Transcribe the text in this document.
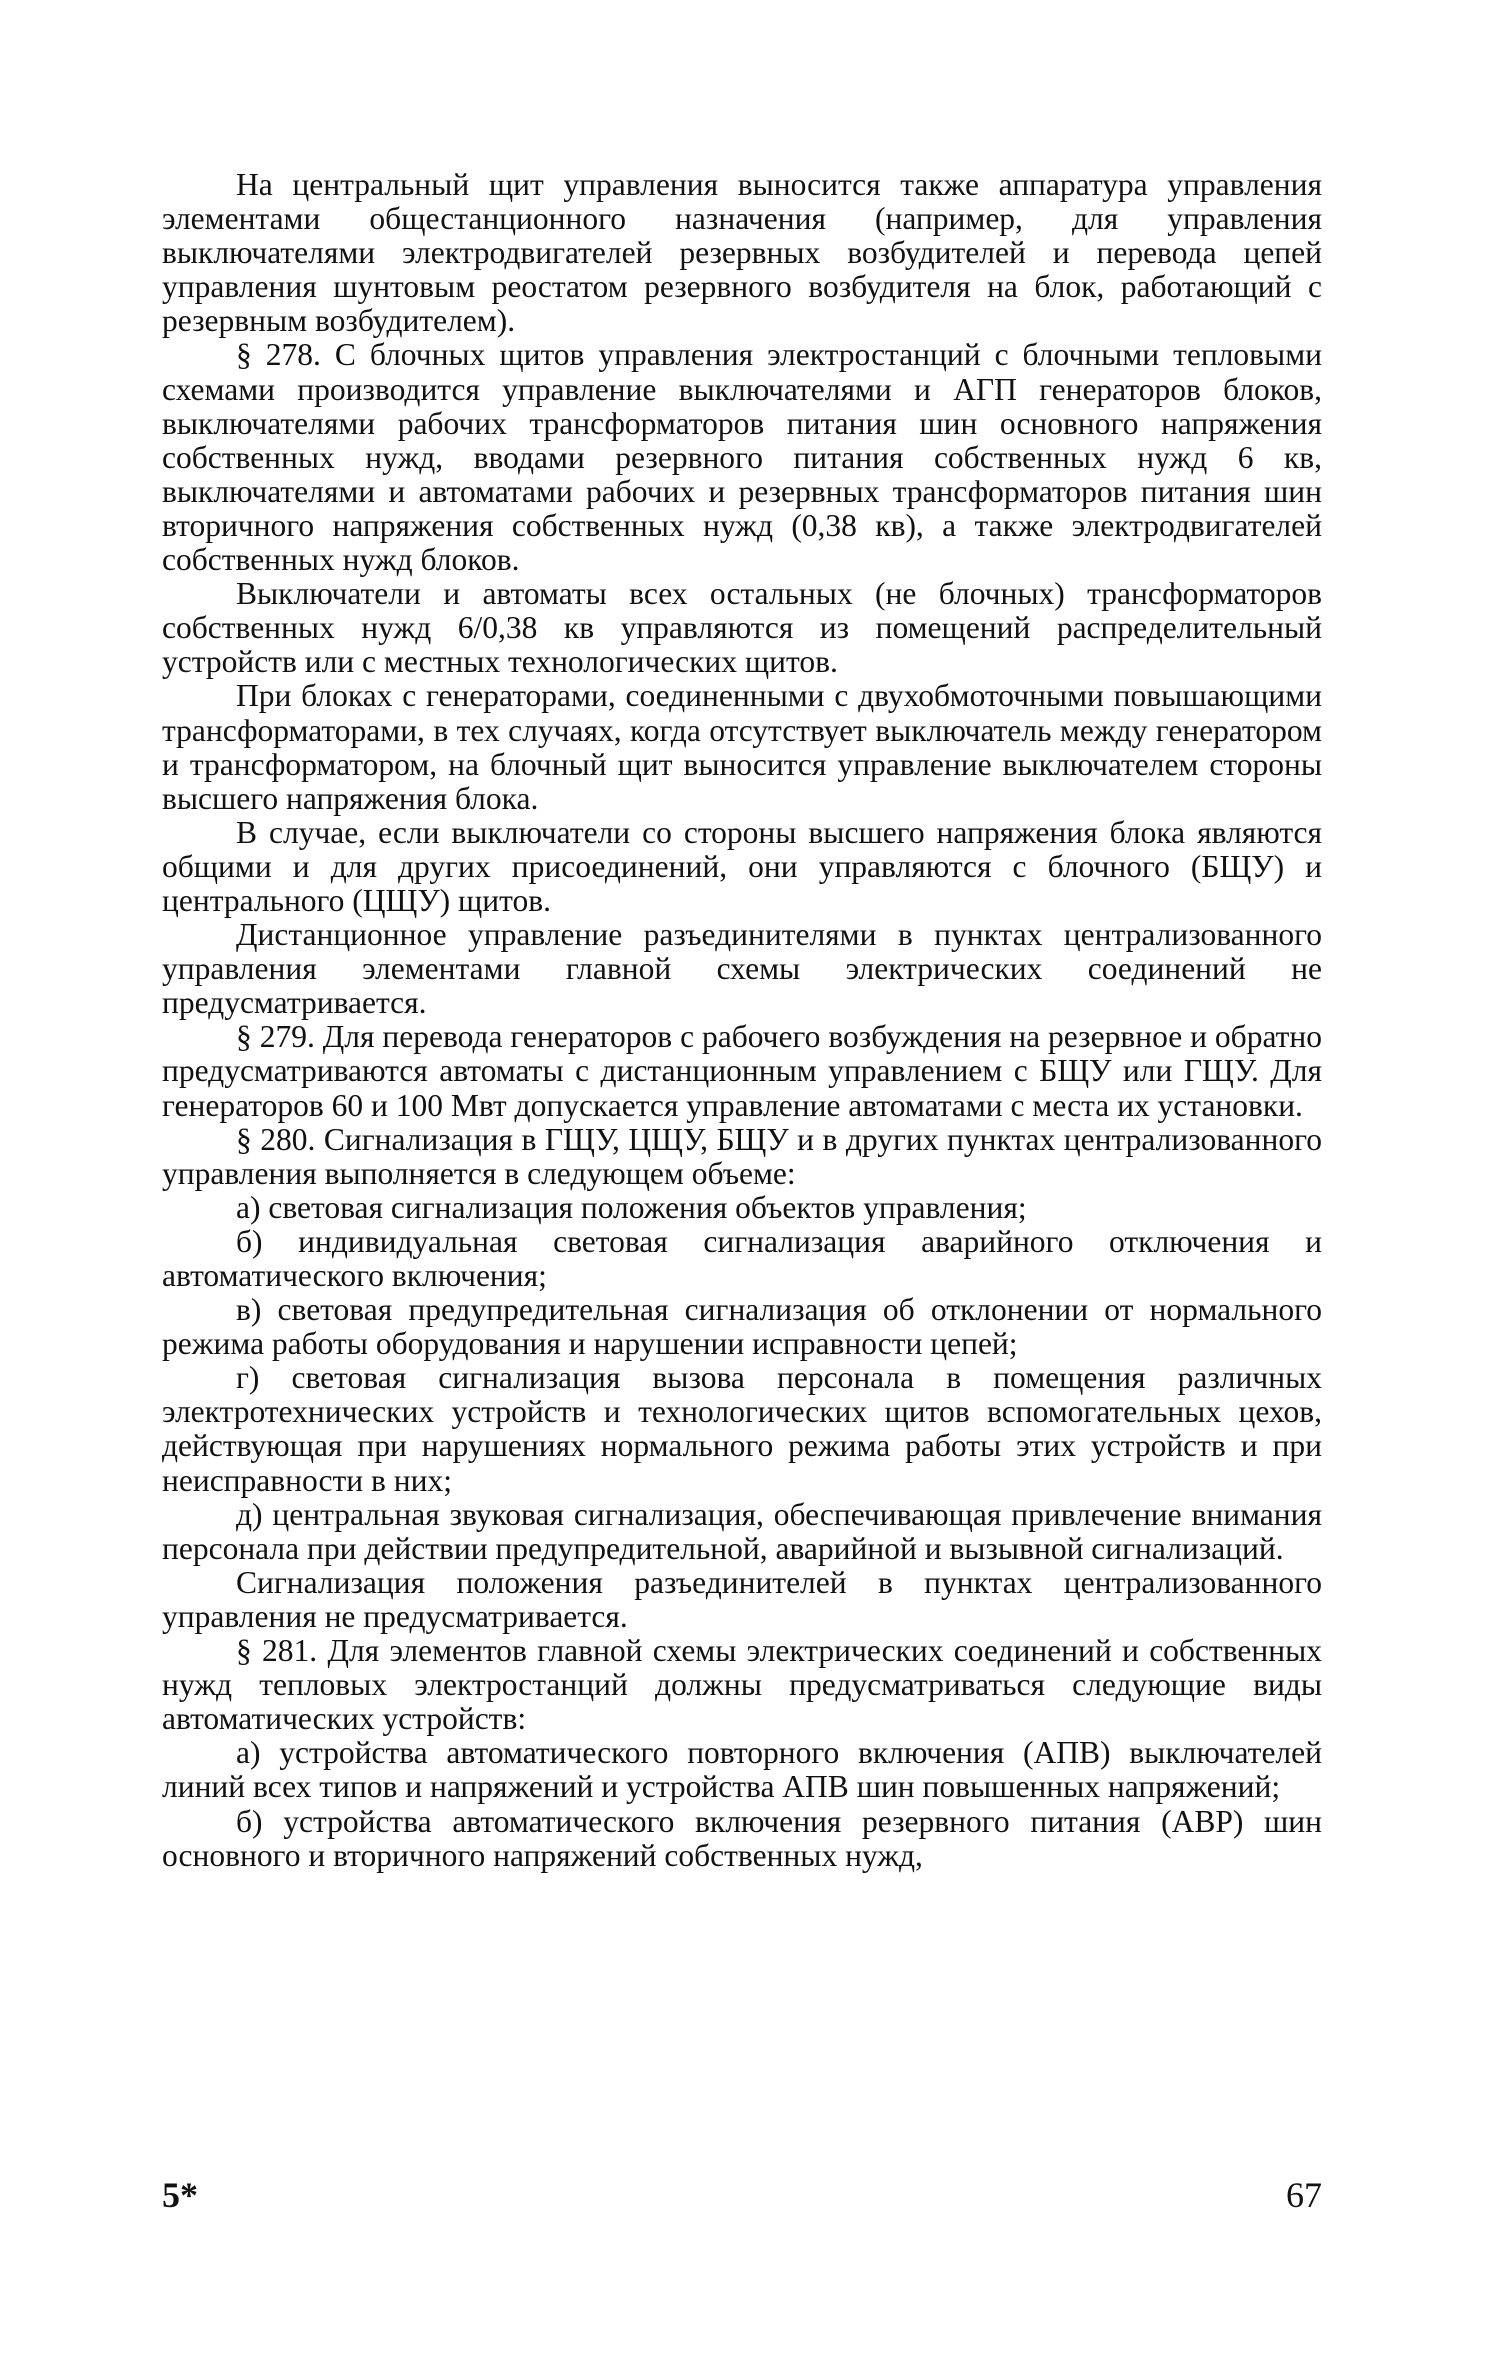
На центральный щит управления выносится также аппаратура управления элементами общестанционного назначения (например, для управления выключателями электродвигателей резервных возбудителей и перевода цепей управления шунтовым реостатом резервного возбудителя на блок, работающий с резервным возбудителем).

§ 278. С блочных щитов управления электростанций с блочными тепловыми схемами производится управление выключателями и АГП генераторов блоков, выключателями рабочих трансформаторов питания шин основного напряжения собственных нужд, вводами резервного питания собственных нужд 6 кв, выключателями и автоматами рабочих и резервных трансформаторов питания шин вторичного напряжения собственных нужд (0,38 кв), а также электродвигателей собственных нужд блоков.

Выключатели и автоматы всех остальных (не блочных) трансформаторов собственных нужд 6/0,38 кв управляются из помещений распределительный устройств или с местных технологических щитов.

При блоках с генераторами, соединенными с двухобмоточными повышающими трансформаторами, в тех случаях, когда отсутствует выключатель между генератором и трансформатором, на блочный щит выносится управление выключателем стороны высшего напряжения блока.

В случае, если выключатели со стороны высшего напряжения блока являются общими и для других присоединений, они управляются с блочного (БЩУ) и центрального (ЦЩУ) щитов.

Дистанционное управление разъединителями в пунктах централизованного управления элементами главной схемы электрических соединений не предусматривается.

§ 279. Для перевода генераторов с рабочего возбуждения на резервное и обратно предусматриваются автоматы с дистанционным управлением с БЩУ или ГЩУ. Для генераторов 60 и 100 Мвт допускается управление автоматами с места их установки.

§ 280. Сигнализация в ГЩУ, ЦЩУ, БЩУ и в других пунктах централизованного управления выполняется в следующем объеме:

а) световая сигнализация положения объектов управления;

б) индивидуальная световая сигнализация аварийного отключения и автоматического включения;

в) световая предупредительная сигнализация об отклонении от нормального режима работы оборудования и нарушении исправности цепей;

г) световая сигнализация вызова персонала в помещения различных электротехнических устройств и технологических щитов вспомогательных цехов, действующая при нарушениях нормального режима работы этих устройств и при неисправности в них;

д) центральная звуковая сигнализация, обеспечивающая привлечение внимания персонала при действии предупредительной, аварийной и вызывной сигнализаций.

Сигнализация положения разъединителей в пунктах централизованного управления не предусматривается.

§ 281. Для элементов главной схемы электрических соединений и собственных нужд тепловых электростанций должны предусматриваться следующие виды автоматических устройств:

а) устройства автоматического повторного включения (АПВ) выключателей линий всех типов и напряжений и устройства АПВ шин повышенных напряжений;

б) устройства автоматического включения резервного питания (АВР) шин основного и вторичного напряжений собственных нужд,

5*	67
